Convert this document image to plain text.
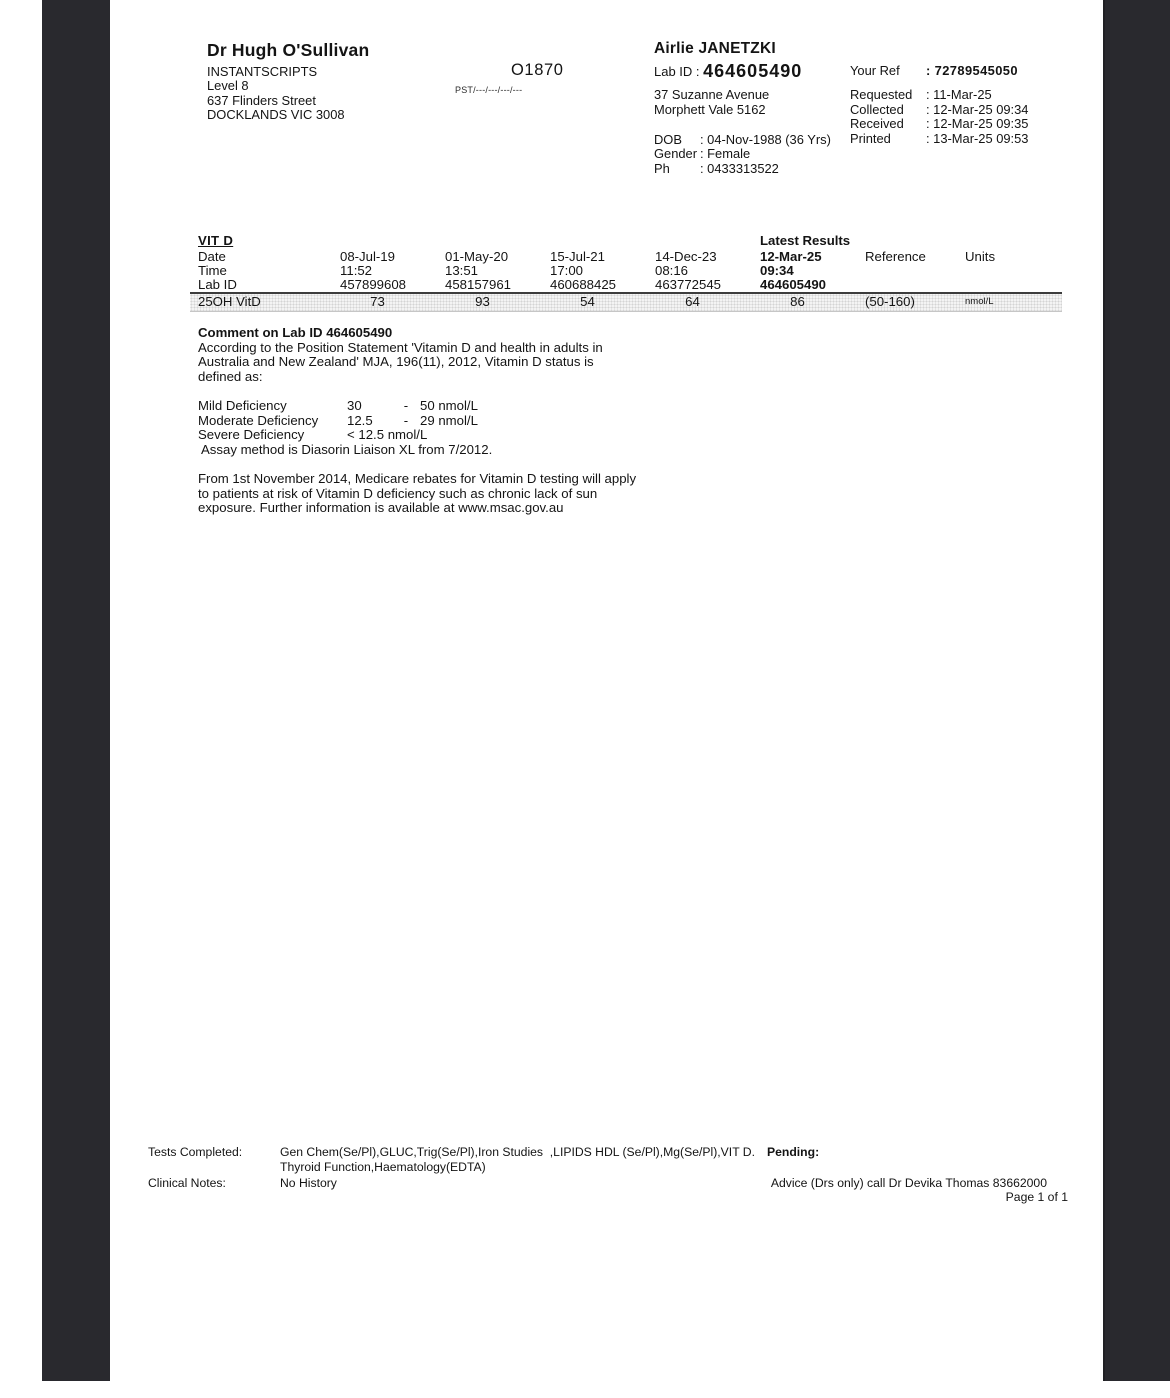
Dr Hugh O'Sullivan
INSTANTSCRIPTS
Level 8
637 Flinders Street
DOCKLANDS VIC 3008
O1870
PST/---/---/---/---
Airlie JANETZKI
Lab ID : 464605490
37 Suzanne Avenue
Morphett Vale 5162
DOB : 04-Nov-1988 (36 Yrs)
Gender : Female
Ph : 0433313522
Your Ref : 72789545050
Requested : 11-Mar-25
Collected : 12-Mar-25 09:34
Received : 12-Mar-25 09:35
Printed	: 13-Mar-25 09:53
VIT D	Latest Results
Date	08-Jul-19	01-May-20	15-Jul-21	14-Dec-23	12-Mar-25	Reference	Units
Time	11:52	13:51	17:00	08:16	09:34
Lab ID	457899608	458157961	460688425	463772545	464605490
25OH VitD	73	93	54	64	86	(50-160)	nmol/L
Comment on Lab ID 464605490
According to the Position Statement 'Vitamin D and health in adults in
Australia and New Zealand' MJA, 196(11), 2012, Vitamin D status is
defined as:
Mild Deficiency	30	- 50 nmol/L
Moderate Deficiency 12.5 - 29 nmol/L
Severe Deficiency	< 12.5 nmol/L
Assay method is Diasorin Liaison XL from 7/2012.
From 1st November 2014, Medicare rebates for Vitamin D testing will apply
to patients at risk of Vitamin D deficiency such as chronic lack of sun
exposure. Further information is available at www.msac.gov.au
Tests Completed:	Gen Chem(Se/Pl),GLUC,Trig(Se/Pl),Iron Studies  ,LIPIDS HDL (Se/Pl),Mg(Se/Pl),VIT D. Pending:
Thyroid Function,Haematology(EDTA)
Clinical Notes:	No History	Advice (Drs only) call Dr Devika Thomas 83662000
Page 1 of 1
